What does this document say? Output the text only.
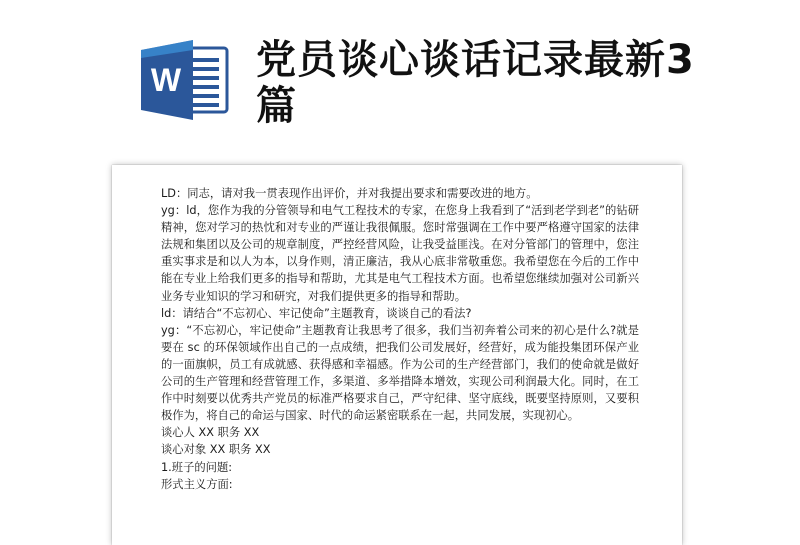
W 党员谈心谈话记录最新3篇

LD：同志，请对我一贯表现作出评价，并对我提出要求和需要改进的地方。

yg：ld，您作为我的分管领导和电气工程技术的专家，在您身上我看到了“活到老学到老”的钻研精神，您对学习的热忱和对专业的严谨让我很佩服。您时常强调在工作中要严格遵守国家的法律法规和集团以及公司的规章制度，严控经营风险，让我受益匪浅。在对分管部门的管理中，您注重实事求是和以人为本，以身作则，清正廉洁，我从心底非常敬重您。我希望您在今后的工作中能在专业上给我们更多的指导和帮助，尤其是电气工程技术方面。也希望您继续加强对公司新兴业务专业知识的学习和研究，对我们提供更多的指导和帮助。

ld：请结合“不忘初心、牢记使命”主题教育，谈谈自己的看法?

yg：“不忘初心，牢记使命”主题教育让我思考了很多，我们当初奔着公司来的初心是什么?就是要在 sc 的环保领域作出自己的一点成绩，把我们公司发展好，经营好，成为能投集团环保产业的一面旗帜，员工有成就感、获得感和幸福感。作为公司的生产经营部门，我们的使命就是做好公司的生产管理和经营管理工作，多渠道、多举措降本增效，实现公司利润最大化。同时，在工作中时刻要以优秀共产党员的标准严格要求自己，严守纪律、坚守底线，既要坚持原则，又要积极作为，将自己的命运与国家、时代的命运紧密联系在一起，共同发展，实现初心。

谈心人 XX 职务 XX

谈心对象 XX 职务 XX

1.班子的问题:

形式主义方面:
